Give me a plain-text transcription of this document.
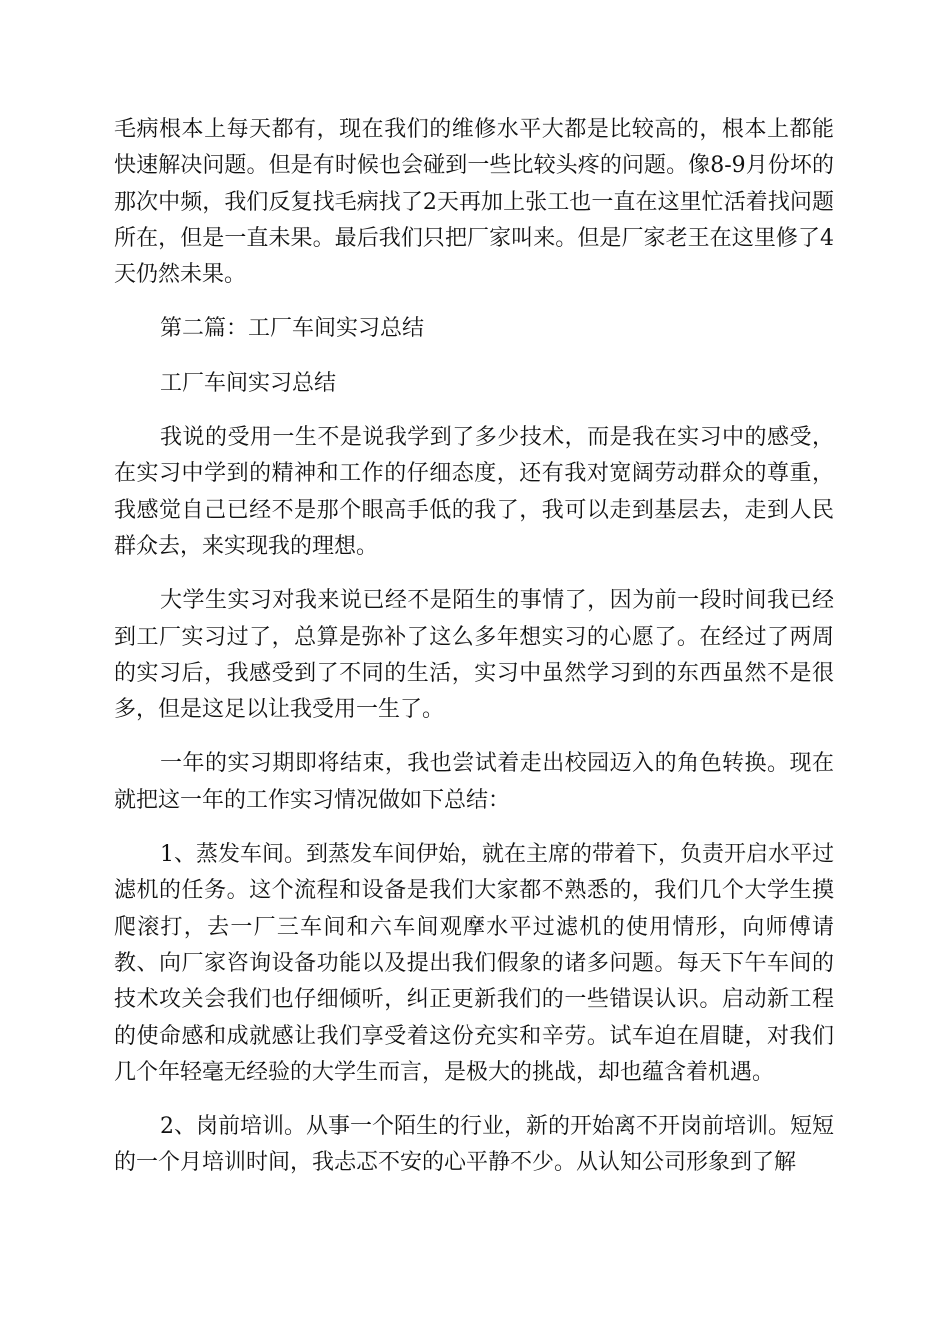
毛病根本上每天都有，现在我们的维修水平大都是比较高的，根本上都能快速解决问题。但是有时候也会碰到一些比较头疼的问题。像8-9月份坏的那次中频，我们反复找毛病找了2天再加上张工也一直在这里忙活着找问题所在，但是一直未果。最后我们只把厂家叫来。但是厂家老王在这里修了4天仍然未果。

第二篇：工厂车间实习总结

工厂车间实习总结

我说的受用一生不是说我学到了多少技术，而是我在实习中的感受，在实习中学到的精神和工作的仔细态度，还有我对宽阔劳动群众的尊重，我感觉自己已经不是那个眼高手低的我了，我可以走到基层去，走到人民群众去，来实现我的理想。

大学生实习对我来说已经不是陌生的事情了，因为前一段时间我已经到工厂实习过了，总算是弥补了这么多年想实习的心愿了。在经过了两周的实习后，我感受到了不同的生活，实习中虽然学习到的东西虽然不是很多，但是这足以让我受用一生了。

一年的实习期即将结束，我也尝试着走出校园迈入的角色转换。现在就把这一年的工作实习情况做如下总结：

1、蒸发车间。到蒸发车间伊始，就在主席的带着下，负责开启水平过滤机的任务。这个流程和设备是我们大家都不熟悉的，我们几个大学生摸爬滚打，去一厂三车间和六车间观摩水平过滤机的使用情形，向师傅请教、向厂家咨询设备功能以及提出我们假象的诸多问题。每天下午车间的技术攻关会我们也仔细倾听，纠正更新我们的一些错误认识。启动新工程的使命感和成就感让我们享受着这份充实和辛劳。试车迫在眉睫，对我们几个年轻毫无经验的大学生而言，是极大的挑战，却也蕴含着机遇。

2、岗前培训。从事一个陌生的行业，新的开始离不开岗前培训。短短的一个月培训时间，我忐忑不安的心平静不少。从认知公司形象到了解
